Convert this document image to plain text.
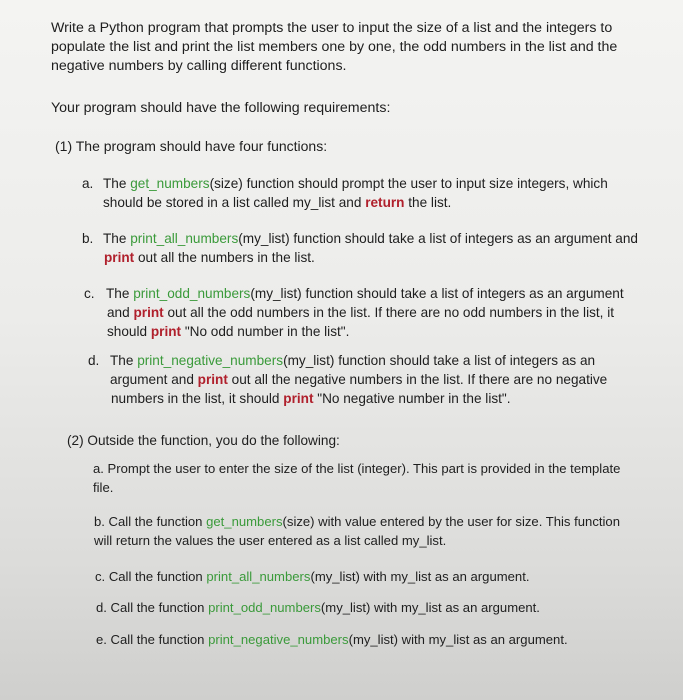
Write a Python program that prompts the user to input the size of a list and the integers to
populate the list and print the list members one by one, the odd numbers in the list and the
negative numbers by calling different functions.
Your program should have the following requirements:
(1) The program should have four functions:
a. The get_numbers(size) function should prompt the user to input size integers, which
should be stored in a list called my_list and return the list.
b. The print_all_numbers(my_list) function should take a list of integers as an argument and
print out all the numbers in the list.
c. The print_odd_numbers(my_list) function should take a list of integers as an argument
and print out all the odd numbers in the list. If there are no odd numbers in the list, it
should print "No odd number in the list".
d. The print_negative_numbers(my_list) function should take a list of integers as an
argument and print out all the negative numbers in the list. If there are no negative
numbers in the list, it should print "No negative number in the list".
(2) Outside the function, you do the following:
a. Prompt the user to enter the size of the list (integer). This part is provided in the template
file.
b. Call the function get_numbers(size) with value entered by the user for size. This function
will return the values the user entered as a list called my_list.
c. Call the function print_all_numbers(my_list) with my_list as an argument.
d. Call the function print_odd_numbers(my_list) with my_list as an argument.
e. Call the function print_negative_numbers(my_list) with my_list as an argument.
